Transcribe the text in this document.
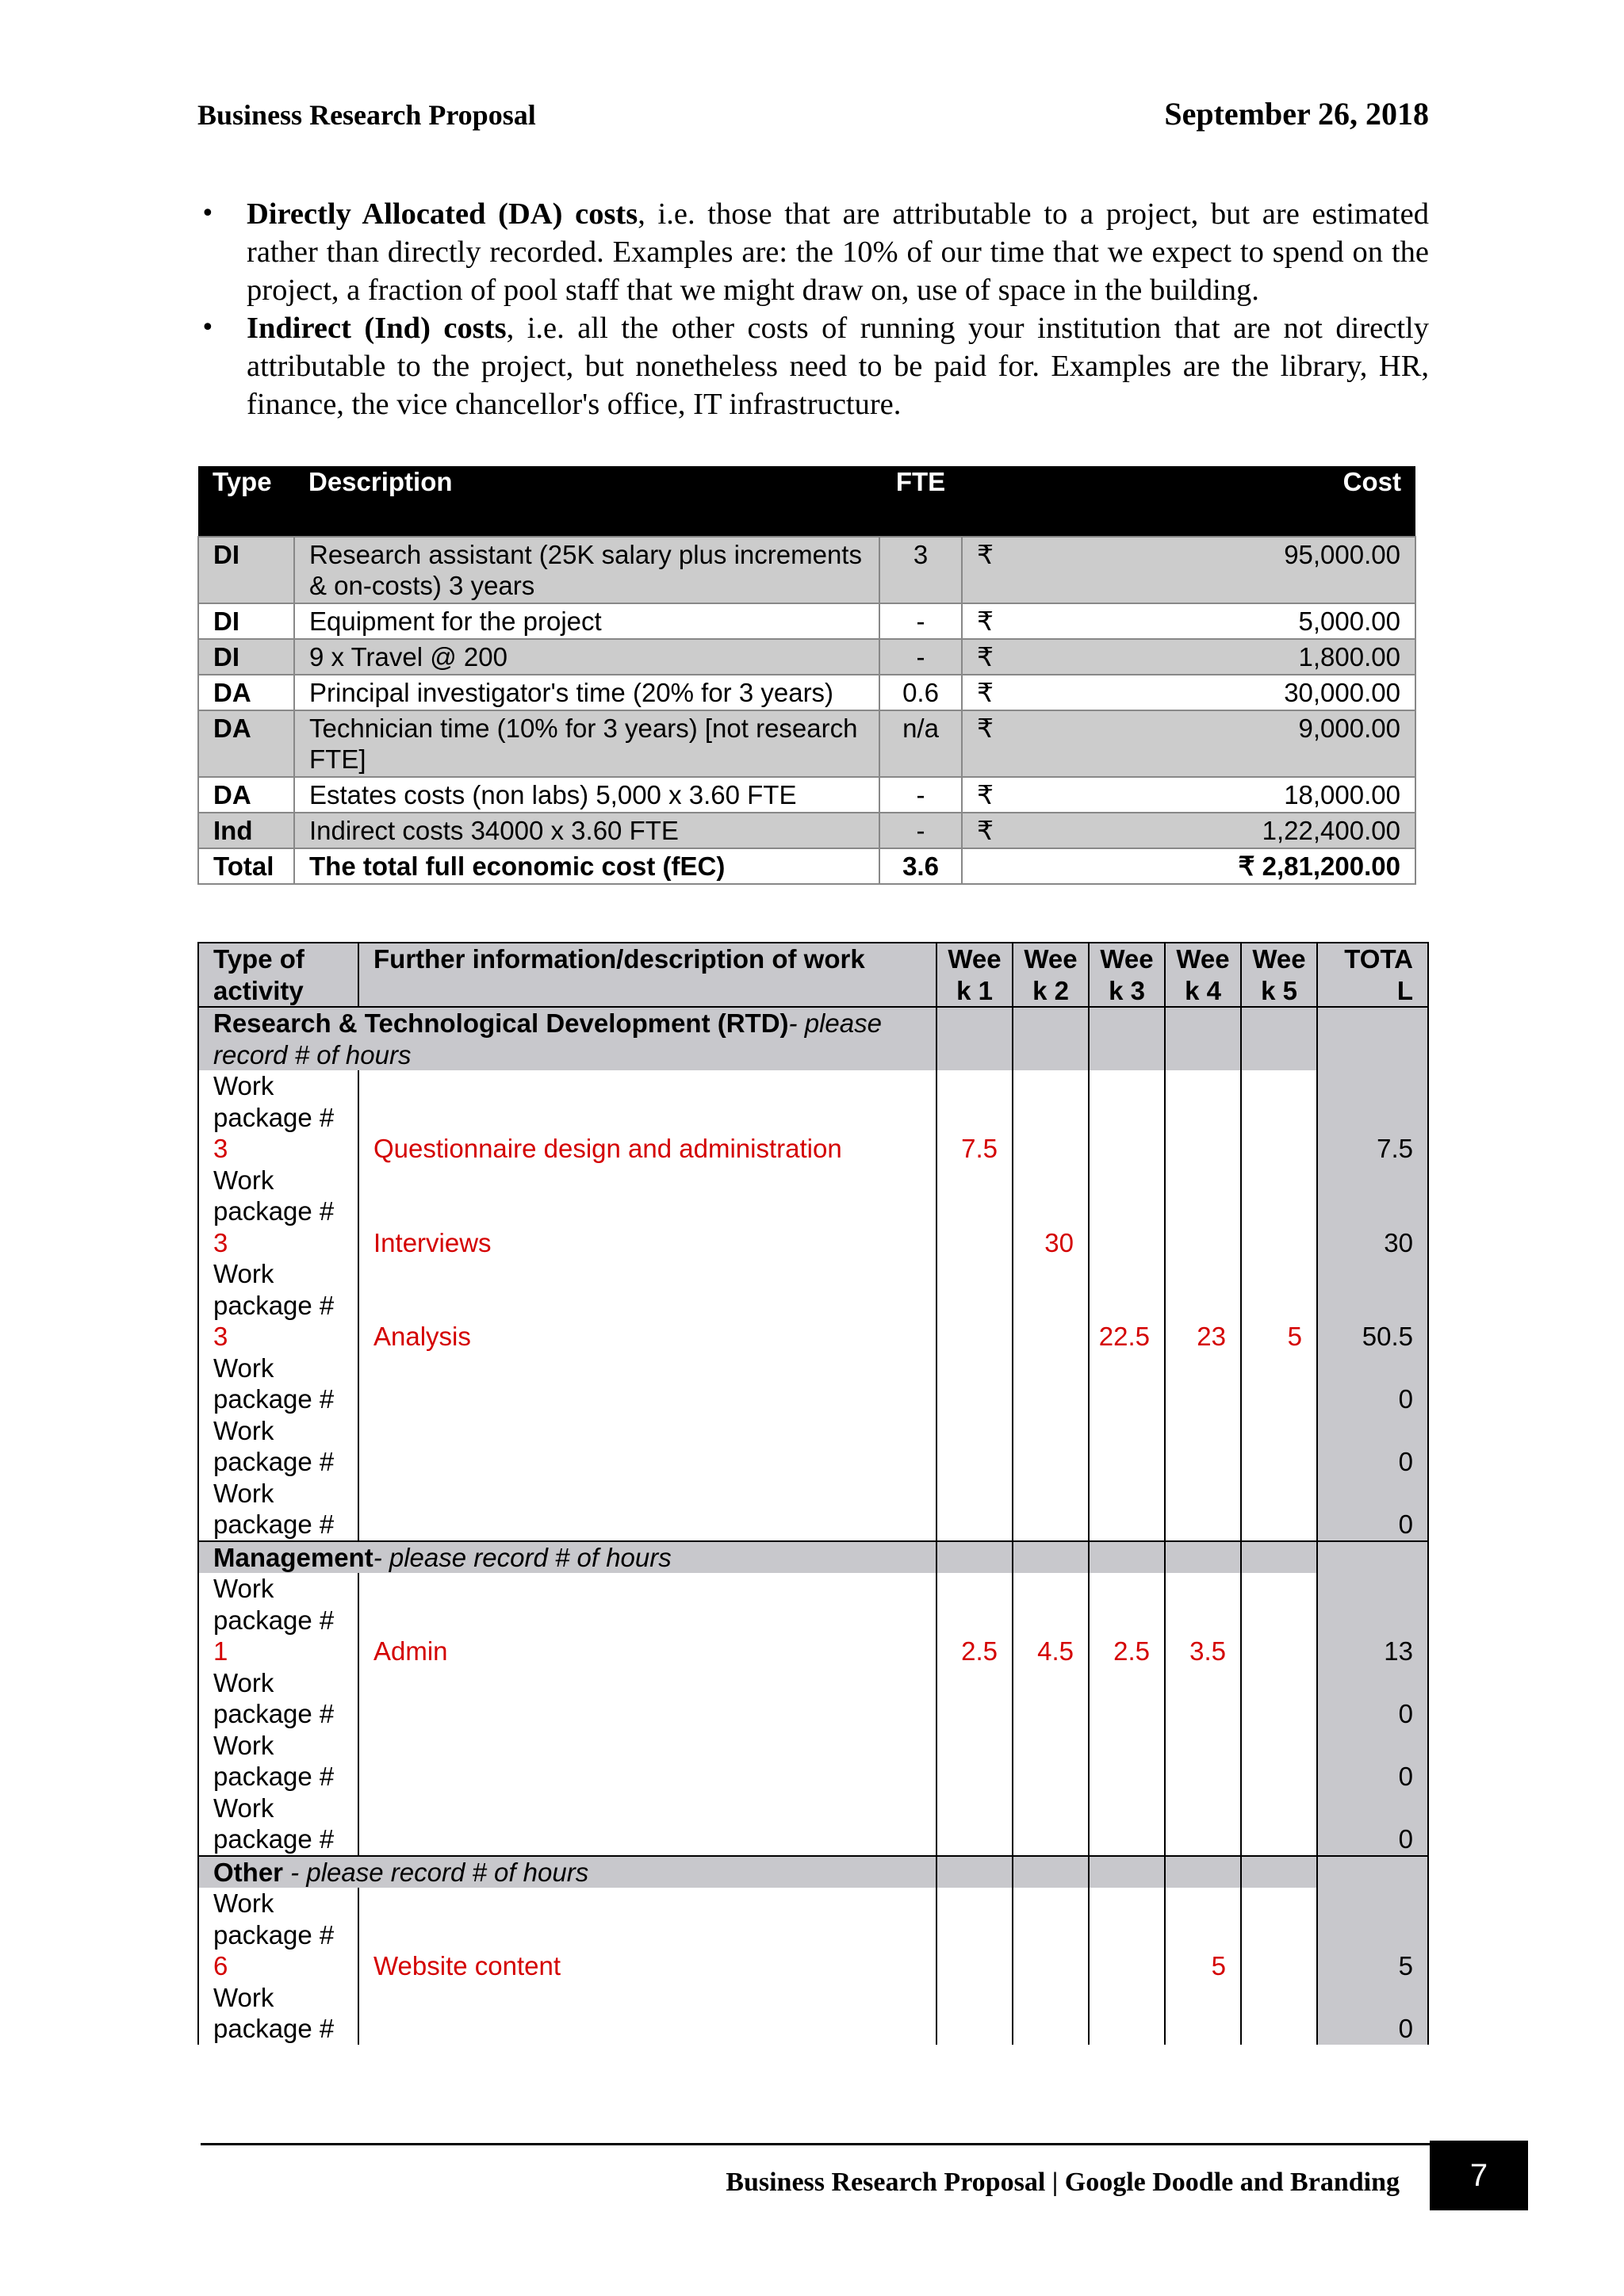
Business Research Proposal	September 26, 2018
• Directly Allocated (DA) costs, i.e. those that are attributable to a project, but are estimated rather than directly recorded. Examples are: the 10% of our time that we expect to spend on the project, a fraction of pool staff that we might draw on, use of space in the building.
• Indirect (Ind) costs, i.e. all the other costs of running your institution that are not directly attributable to the project, but nonetheless need to be paid for. Examples are the library, HR, finance, the vice chancellor's office, IT infrastructure.
Type	Description	FTE	Cost
DI	Research assistant (25K salary plus increments & on-costs) 3 years	3	₹ 95,000.00

DI	Equipment for the project	-	₹ 5,000.00

DI	9 x Travel @ 200	-	₹ 1,800.00

DA	Principal investigator's time (20% for 3 years)	0.6	₹ 30,000.00

DA	Technician time (10% for 3 years) [not research FTE]	n/a	₹ 9,000.00

DA	Estates costs (non labs) 5,000 x 3.60 FTE	-	₹ 18,000.00

Ind	Indirect costs 34000 x 3.60 FTE	-	₹ 1,22,400.00

Total	The total full economic cost (fEC)	3.6	₹ 2,81,200.00
Type of activity	Further information/description of work	Wee k 1	Wee k 2	Wee k 3	Wee k 4	Wee k 5	TOTA L
Research & Technological Development (RTD)- please record # of hours							
Work package #
3	Questionnaire design and administration	7.5					7.5
Work package #
3	Interviews		30				30
Work package #
3	Analysis			22.5	23	5	50.5
Work package #							0
Work package #							0
Work package #							0
Management- please record # of hours							
Work package #
1	Admin	2.5	4.5	2.5	3.5		13
Work package #							0
Work package #							0
Work package #							0
Other - please record # of hours							
Work package #
6	Website content				5		5
Work package #							0
Business Research Proposal | Google Doodle and Branding	7
